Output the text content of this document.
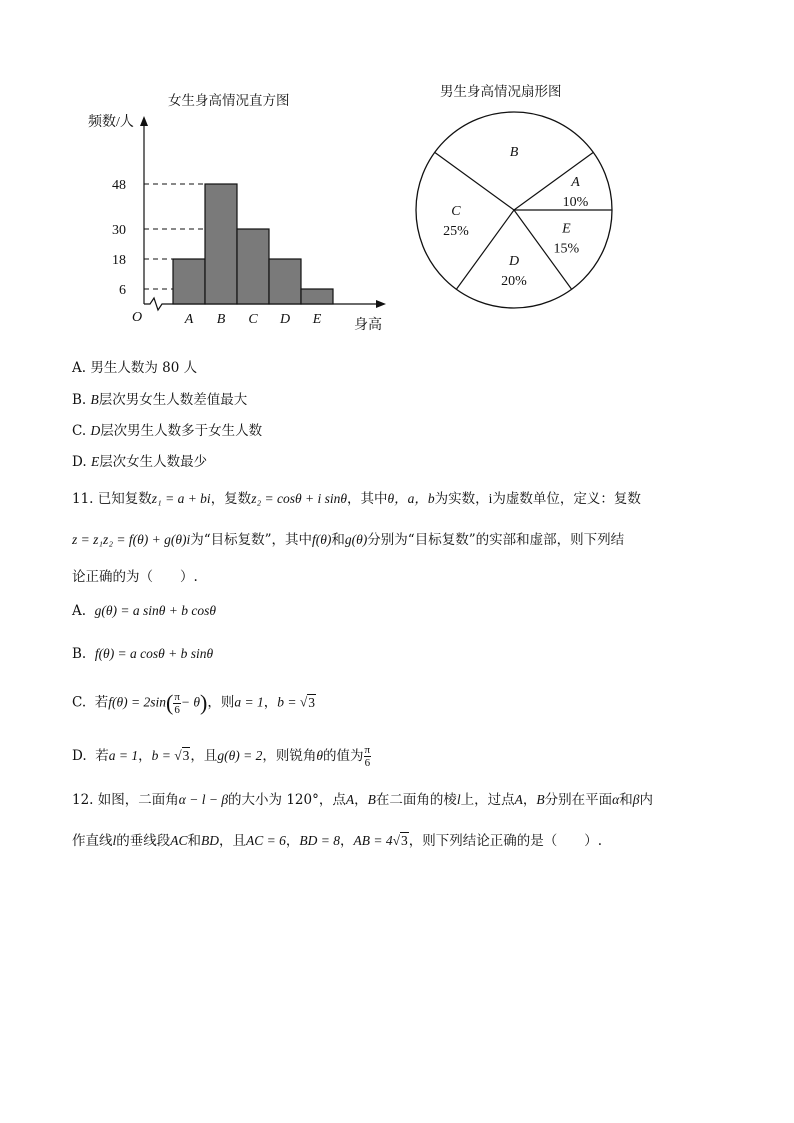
女生身高情况直方图
频数/人
身高
O
6
18
30
48
A B C D E
男生身高情况扇形图
A
10%
E
15%
D
20%
C
25%
B
A. 男生人数为 80 人
B. B层次男女生人数差值最大
C. D层次男生人数多于女生人数
D. E层次女生人数最少
11. 已知复数z₁ = a + bi，复数z₂ = cosθ + i sinθ，其中θ，a，b为实数，i为虚数单位，定义：复数
z = z₁z₂ = f(θ) + g(θ)i为“目标复数”，其中f(θ)和g(θ)分别为“目标复数”的实部和虚部，则下列结
论正确的为（　　）.
A. g(θ) = a sinθ + b cosθ
B. f(θ) = a cosθ + b sinθ
C. 若$f(\theta) = 2\sin( \frac{\pi}{6} - \theta)$，则a = 1，b = √3
D. 若a = 1，b = √3，且g(θ) = 2，则锐角θ的值为 $\frac{\pi}{6}$
12. 如图，二面角α − l − β的大小为 120°，点A，B在二面角的棱l上，过点A，B分别在平面α和β内
作直线l的垂线段AC和BD，且AC = 6，BD = 8，AB = 4√3，则下列结论正确的是（　　）.
